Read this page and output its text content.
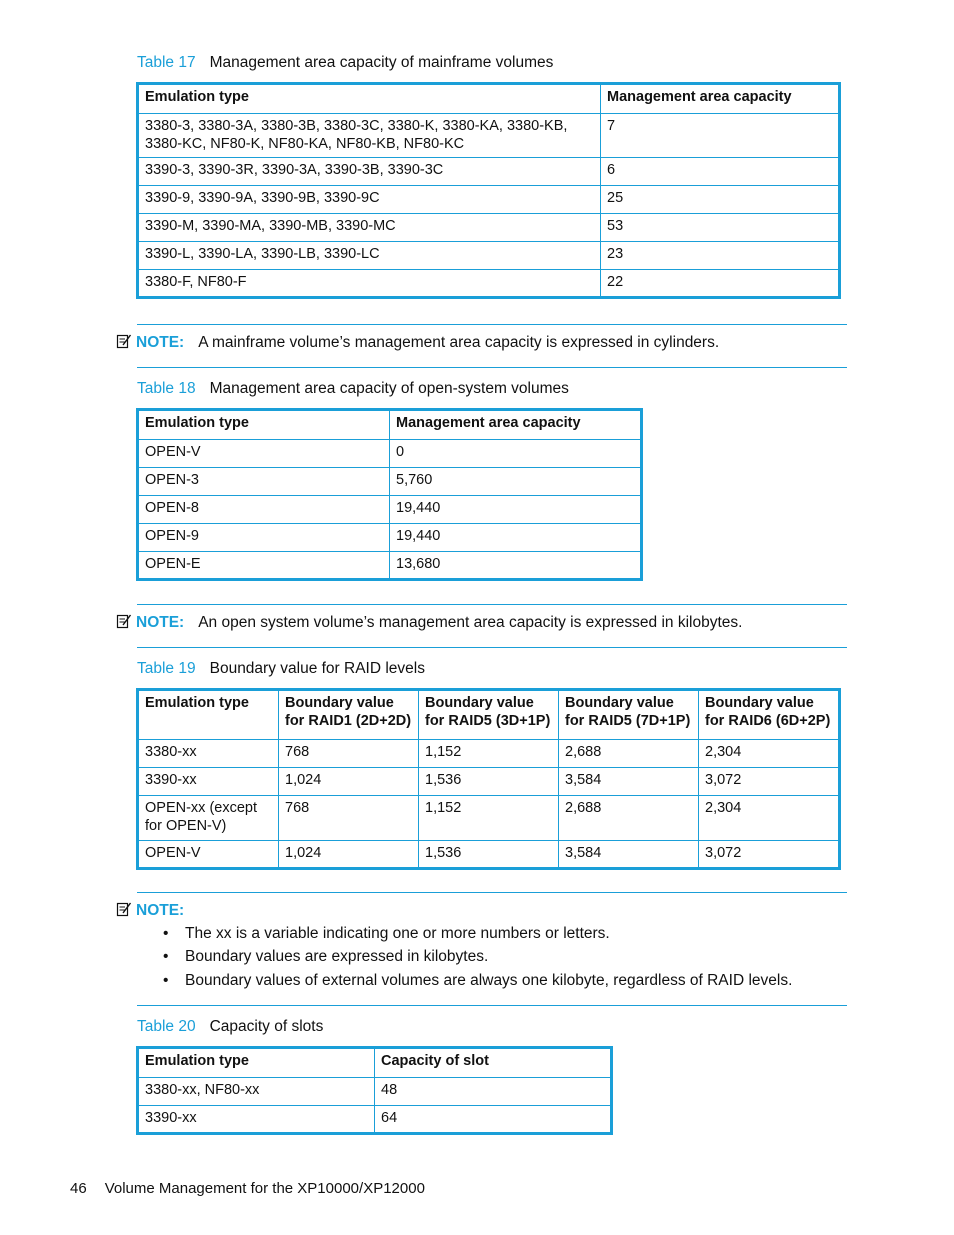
Table 17 Management area capacity of mainframe volumes
Emulation type	Management area capacity
3380-3, 3380-3A, 3380-3B, 3380-3C, 3380-K, 3380-KA, 3380-KB, 3380-KC, NF80-K, NF80-KA, NF80-KB, NF80-KC	7
3390-3, 3390-3R, 3390-3A, 3390-3B, 3390-3C	6
3390-9, 3390-9A, 3390-9B, 3390-9C	25
3390-M, 3390-MA, 3390-MB, 3390-MC	53
3390-L, 3390-LA, 3390-LB, 3390-LC	23
3380-F, NF80-F	22
NOTE: A mainframe volume’s management area capacity is expressed in cylinders.
Table 18 Management area capacity of open-system volumes
Emulation type	Management area capacity
OPEN-V	0
OPEN-3	5,760
OPEN-8	19,440
OPEN-9	19,440
OPEN-E	13,680
NOTE: An open system volume’s management area capacity is expressed in kilobytes.
Table 19 Boundary value for RAID levels
Emulation type	Boundary value for RAID1 (2D+2D)	Boundary value for RAID5 (3D+1P)	Boundary value for RAID5 (7D+1P)	Boundary value for RAID6 (6D+2P)
3380-xx	768	1,152	2,688	2,304
3390-xx	1,024	1,536	3,584	3,072
OPEN-xx (except for OPEN-V)	768	1,152	2,688	2,304
OPEN-V	1,024	1,536	3,584	3,072
NOTE:
• The xx is a variable indicating one or more numbers or letters.
• Boundary values are expressed in kilobytes.
• Boundary values of external volumes are always one kilobyte, regardless of RAID levels.
Table 20 Capacity of slots
Emulation type	Capacity of slot
3380-xx, NF80-xx	48
3390-xx	64
46 Volume Management for the XP10000/XP12000
